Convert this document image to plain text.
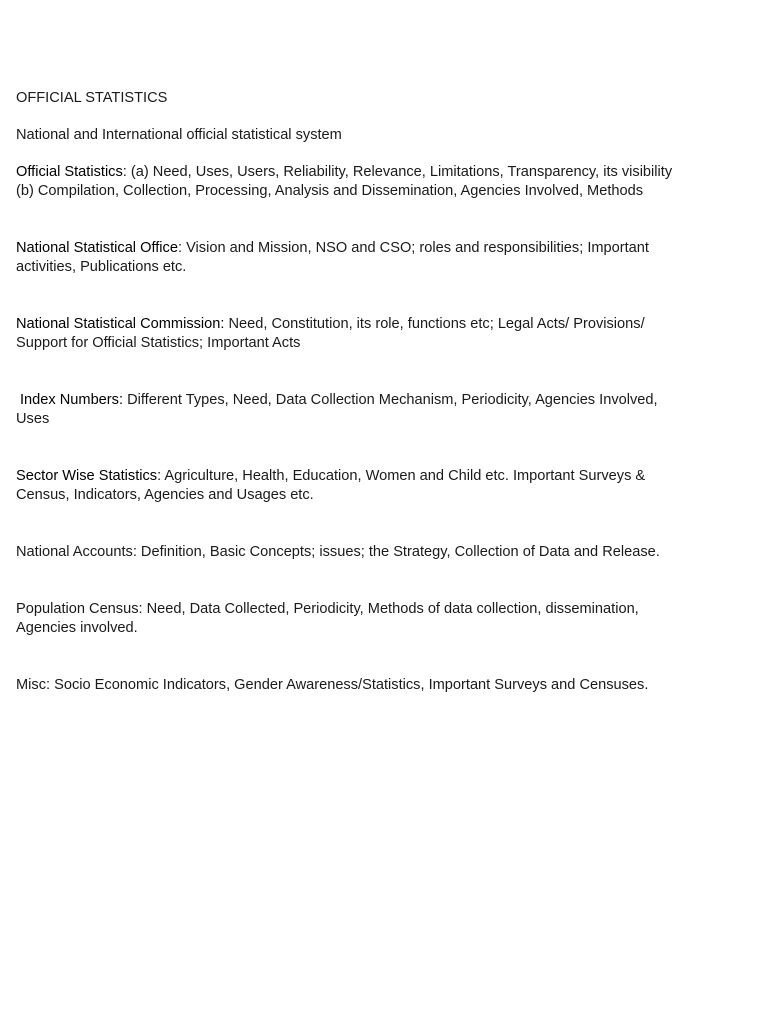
OFFICIAL STATISTICS

National and International official statistical system

Official Statistics: (a) Need, Uses, Users, Reliability, Relevance, Limitations, Transparency, its visibility (b) Compilation, Collection, Processing, Analysis and Dissemination, Agencies Involved, Methods

National Statistical Office: Vision and Mission, NSO and CSO; roles and responsibilities; Important activities, Publications etc.

National Statistical Commission: Need, Constitution, its role, functions etc; Legal Acts/ Provisions/ Support for Official Statistics; Important Acts

Index Numbers: Different Types, Need, Data Collection Mechanism, Periodicity, Agencies Involved, Uses

Sector Wise Statistics: Agriculture, Health, Education, Women and Child etc. Important Surveys & Census, Indicators, Agencies and Usages etc.

National Accounts: Definition, Basic Concepts; issues; the Strategy, Collection of Data and Release.

Population Census: Need, Data Collected, Periodicity, Methods of data collection, dissemination, Agencies involved.

Misc: Socio Economic Indicators, Gender Awareness/Statistics, Important Surveys and Censuses.
